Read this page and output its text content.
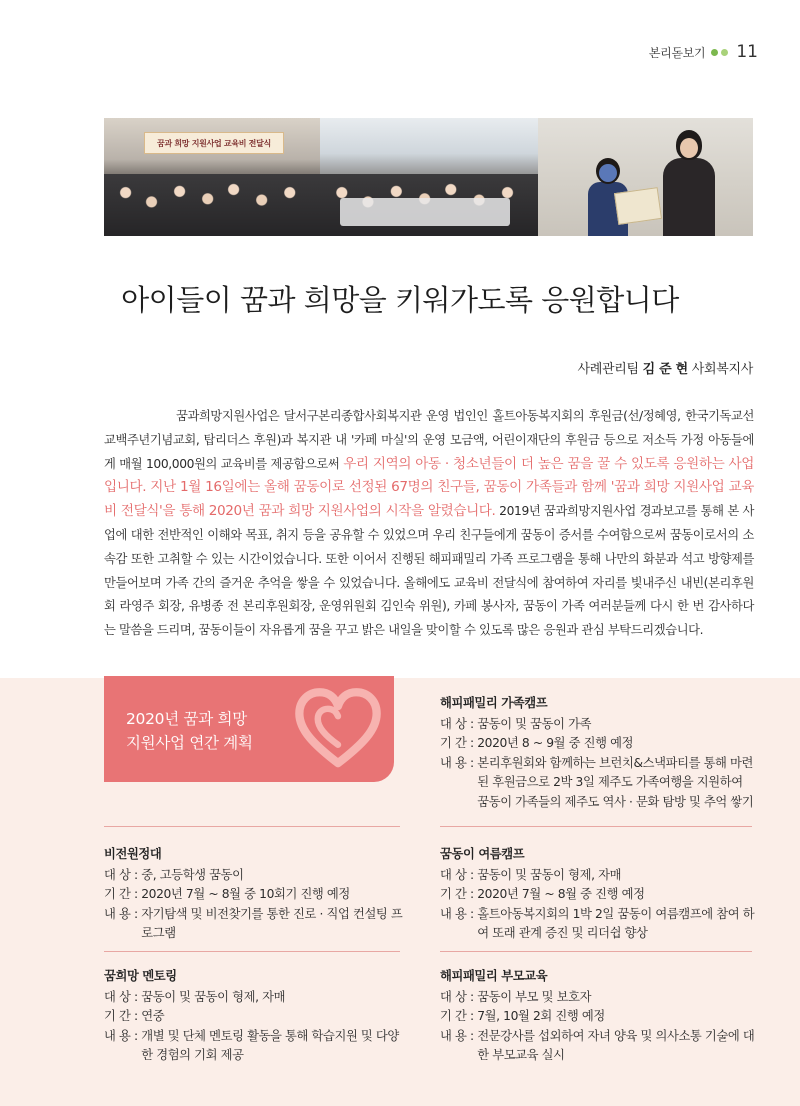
본리돋보기 11
꿈과 희망 지원사업 교육비 전달식
아이들이 꿈과 희망을 키워가도록 응원합니다
사례관리팀 김 준 현 사회복지사

꿈과희망지원사업은 달서구본리종합사회복지관 운영 법인인 홀트아동복지회의 후원금(선/정혜영, 한국기독교선교백주년기념교회, 탑리더스 후원)과 복지관 내 '카페 마실'의 운영 모금액, 어린이재단의 후원금 등으로 저소득 가정 아동들에게 매월 100,000원의 교육비를 제공함으로써 우리 지역의 아동 · 청소년들이 더 높은 꿈을 꿀 수 있도록 응원하는 사업입니다. 지난 1월 16일에는 올해 꿈동이로 선정된 67명의 친구들, 꿈동이 가족들과 함께 '꿈과 희망 지원사업 교육비 전달식'을 통해 2020년 꿈과 희망 지원사업의 시작을 알렸습니다. 2019년 꿈과희망지원사업 경과보고를 통해 본 사업에 대한 전반적인 이해와 목표, 취지 등을 공유할 수 있었으며 우리 친구들에게 꿈동이 증서를 수여함으로써 꿈동이로서의 소속감 또한 고취할 수 있는 시간이었습니다. 또한 이어서 진행된 해피패밀리 가족 프로그램을 통해 나만의 화분과 석고 방향제를 만들어보며 가족 간의 즐거운 추억을 쌓을 수 있었습니다. 올해에도 교육비 전달식에 참여하여 자리를 빛내주신 내빈(본리후원회 라영주 회장, 유병종 전 본리후원회장, 운영위원회 김인숙 위원), 카페 봉사자, 꿈동이 가족 여러분들께 다시 한 번 감사하다는 말씀을 드리며, 꿈동이들이 자유롭게 꿈을 꾸고 밝은 내일을 맞이할 수 있도록 많은 응원과 관심 부탁드리겠습니다.

2020년 꿈과 희망
지원사업 연간 계획
해피패밀리 가족캠프
대 상 : 꿈동이 및 꿈동이 가족
기 간 : 2020년 8 ~ 9월 중 진행 예정
내 용 : 본리후원회와 함께하는 브런치&스낵파티를 통해 마련된 후원금으로 2박 3일 제주도 가족여행을 지원하여 꿈동이 가족들의 제주도 역사 · 문화 탐방 및 추억 쌓기
비전원정대
대 상 : 중, 고등학생 꿈동이
기 간 : 2020년 7월 ~ 8월 중 10회기 진행 예정
내 용 : 자기탐색 및 비전찾기를 통한 진로 · 직업 컨설팅 프로그램
꿈동이 여름캠프
대 상 : 꿈동이 및 꿈동이 형제, 자매
기 간 : 2020년 7월 ~ 8월 중 진행 예정
내 용 : 홀트아동복지회의 1박 2일 꿈동이 여름캠프에 참여 하여 또래 관계 증진 및 리더쉽 향상
꿈희망 멘토링
대 상 : 꿈동이 및 꿈동이 형제, 자매
기 간 : 연중
내 용 : 개별 및 단체 멘토링 활동을 통해 학습지원 및 다양한 경험의 기회 제공
해피패밀리 부모교육
대 상 : 꿈동이 부모 및 보호자
기 간 : 7월, 10월 2회 진행 예정
내 용 : 전문강사를 섭외하여 자녀 양육 및 의사소통 기술에 대한 부모교육 실시
